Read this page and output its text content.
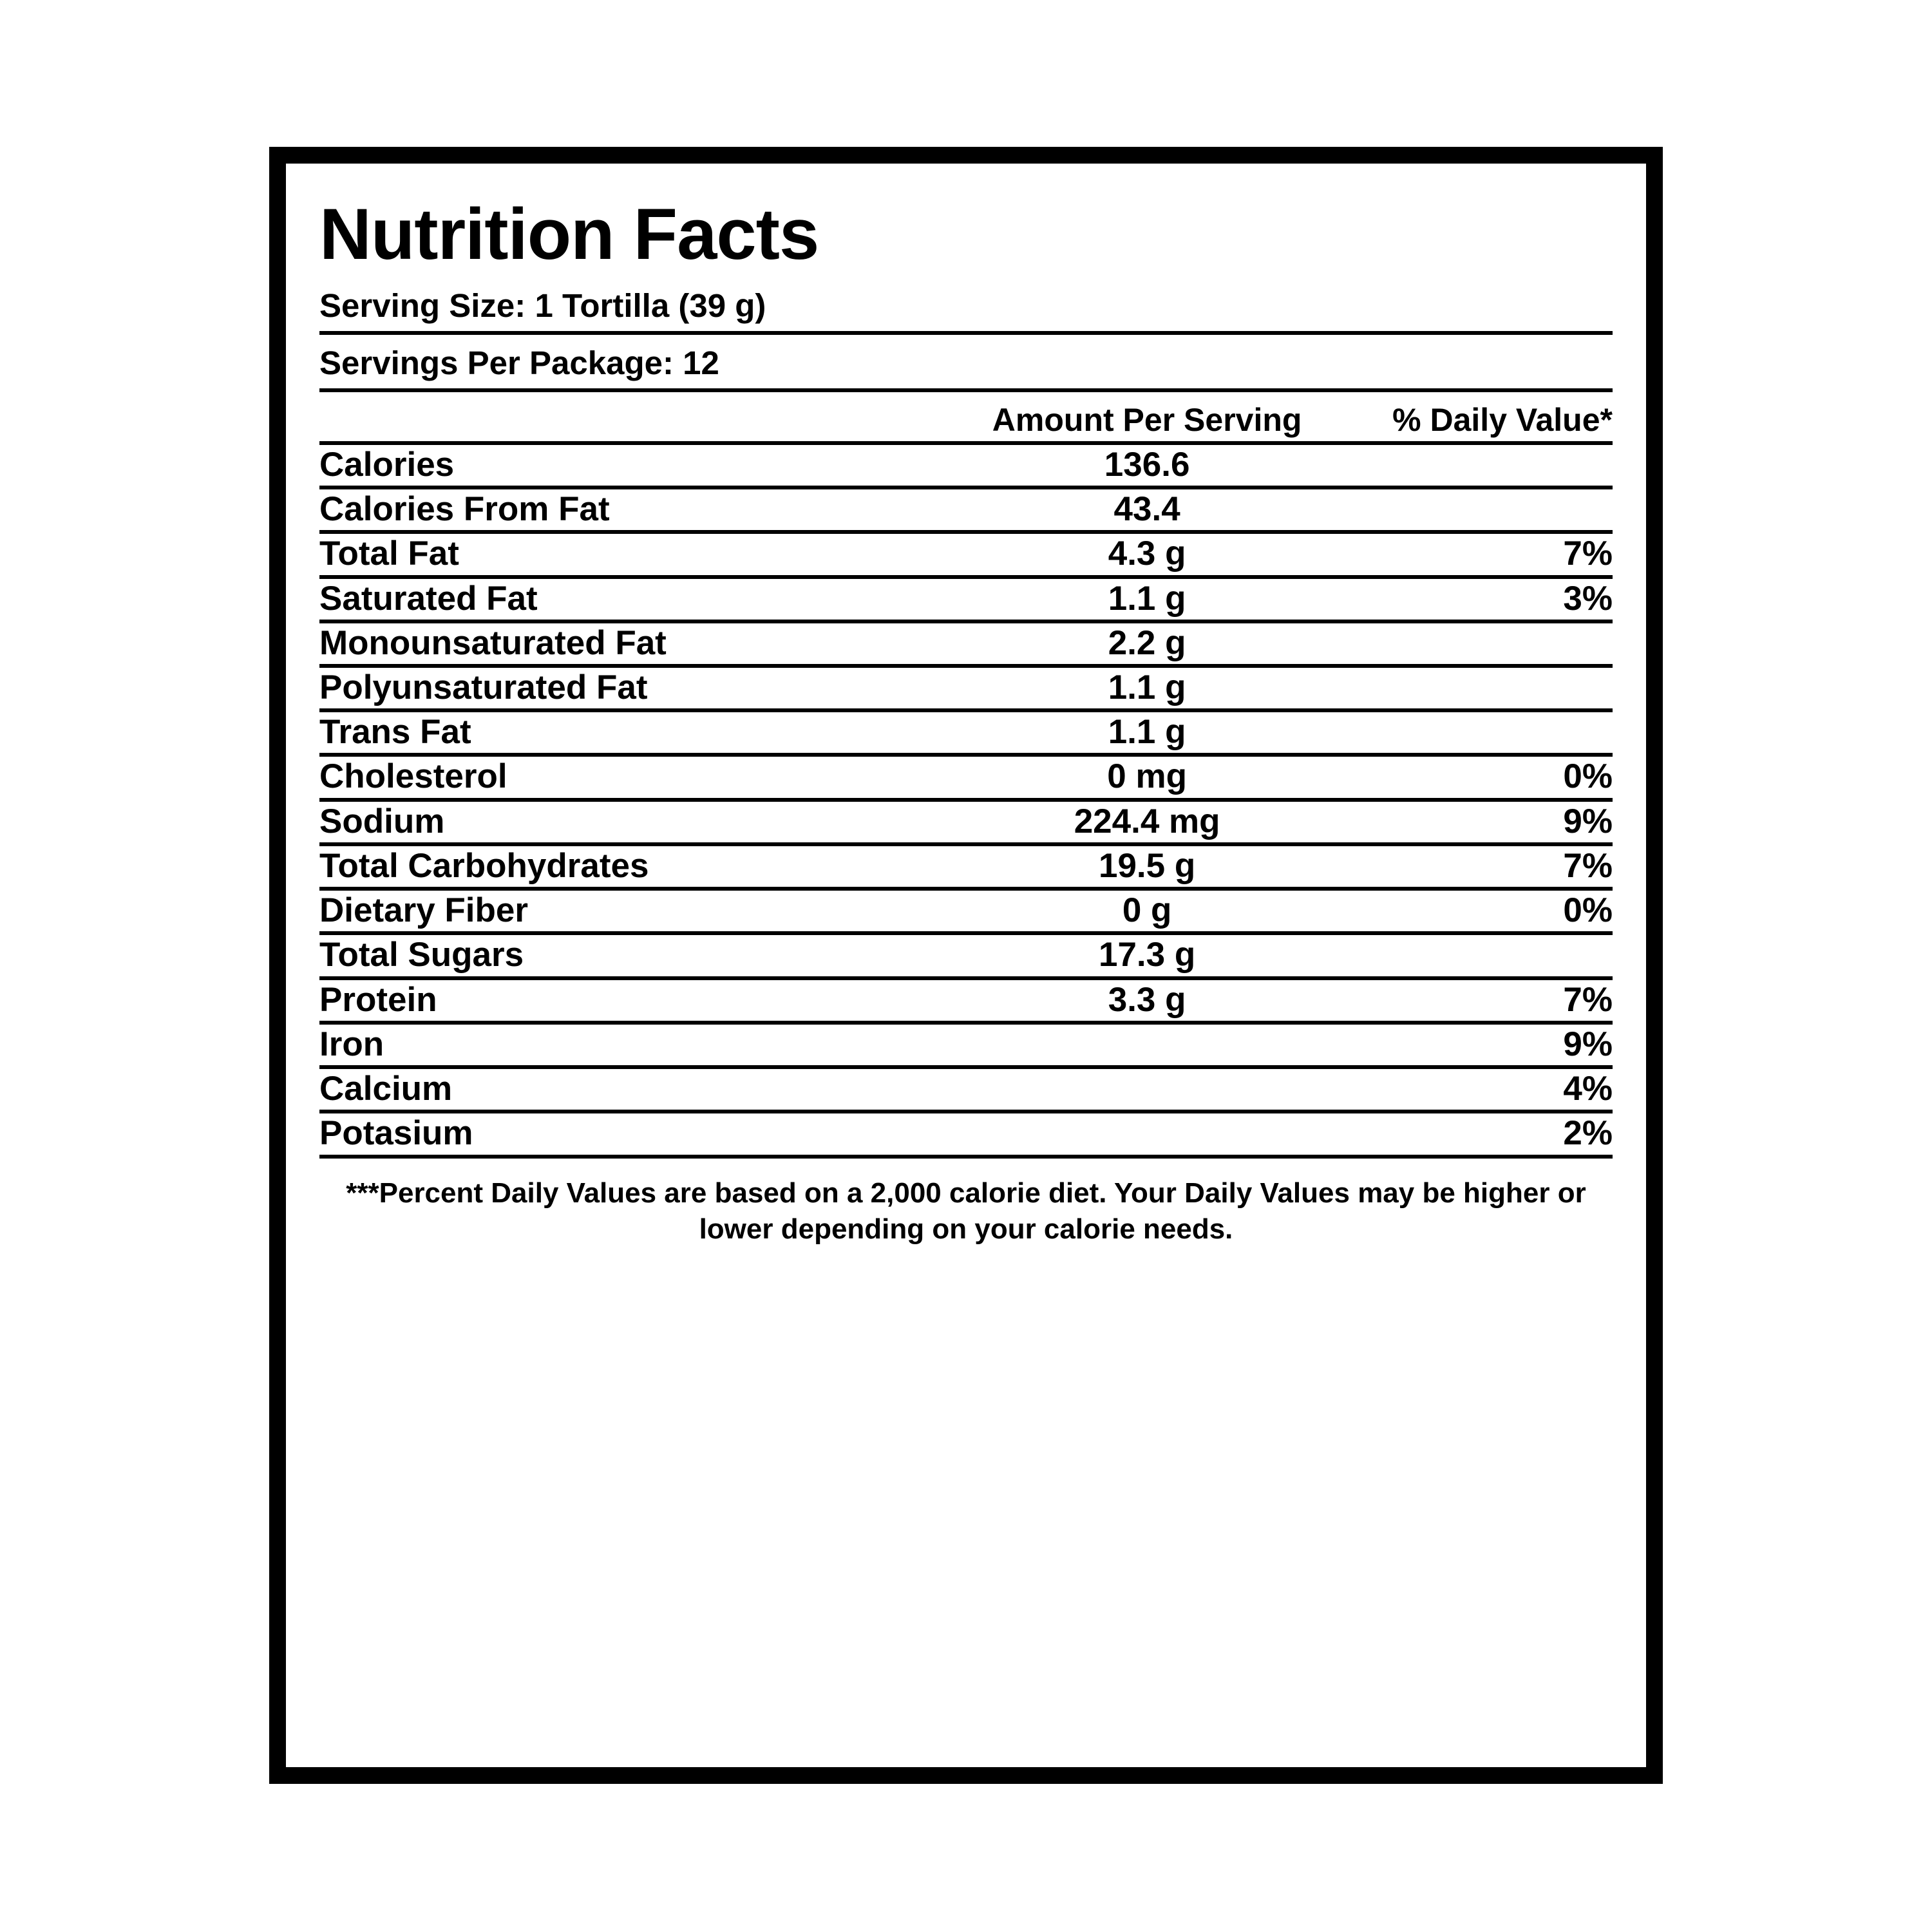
Nutrition Facts
Serving Size: 1 Tortilla (39 g)
Servings Per Package: 12
	Amount Per Serving	% Daily Value*
Calories	136.6	
Calories From Fat	43.4	
Total Fat	4.3 g	7%
Saturated Fat	1.1 g	3%
Monounsaturated Fat	2.2 g	
Polyunsaturated Fat	1.1 g	
Trans Fat	1.1 g	
Cholesterol	0 mg	0%
Sodium	224.4 mg	9%
Total Carbohydrates	19.5 g	7%
Dietary Fiber	0 g	0%
Total Sugars	17.3 g	
Protein	3.3 g	7%
Iron		9%
Calcium		4%
Potasium		2%
***Percent Daily Values are based on a 2,000 calorie diet. Your Daily Values may be higher or lower depending on your calorie needs.
